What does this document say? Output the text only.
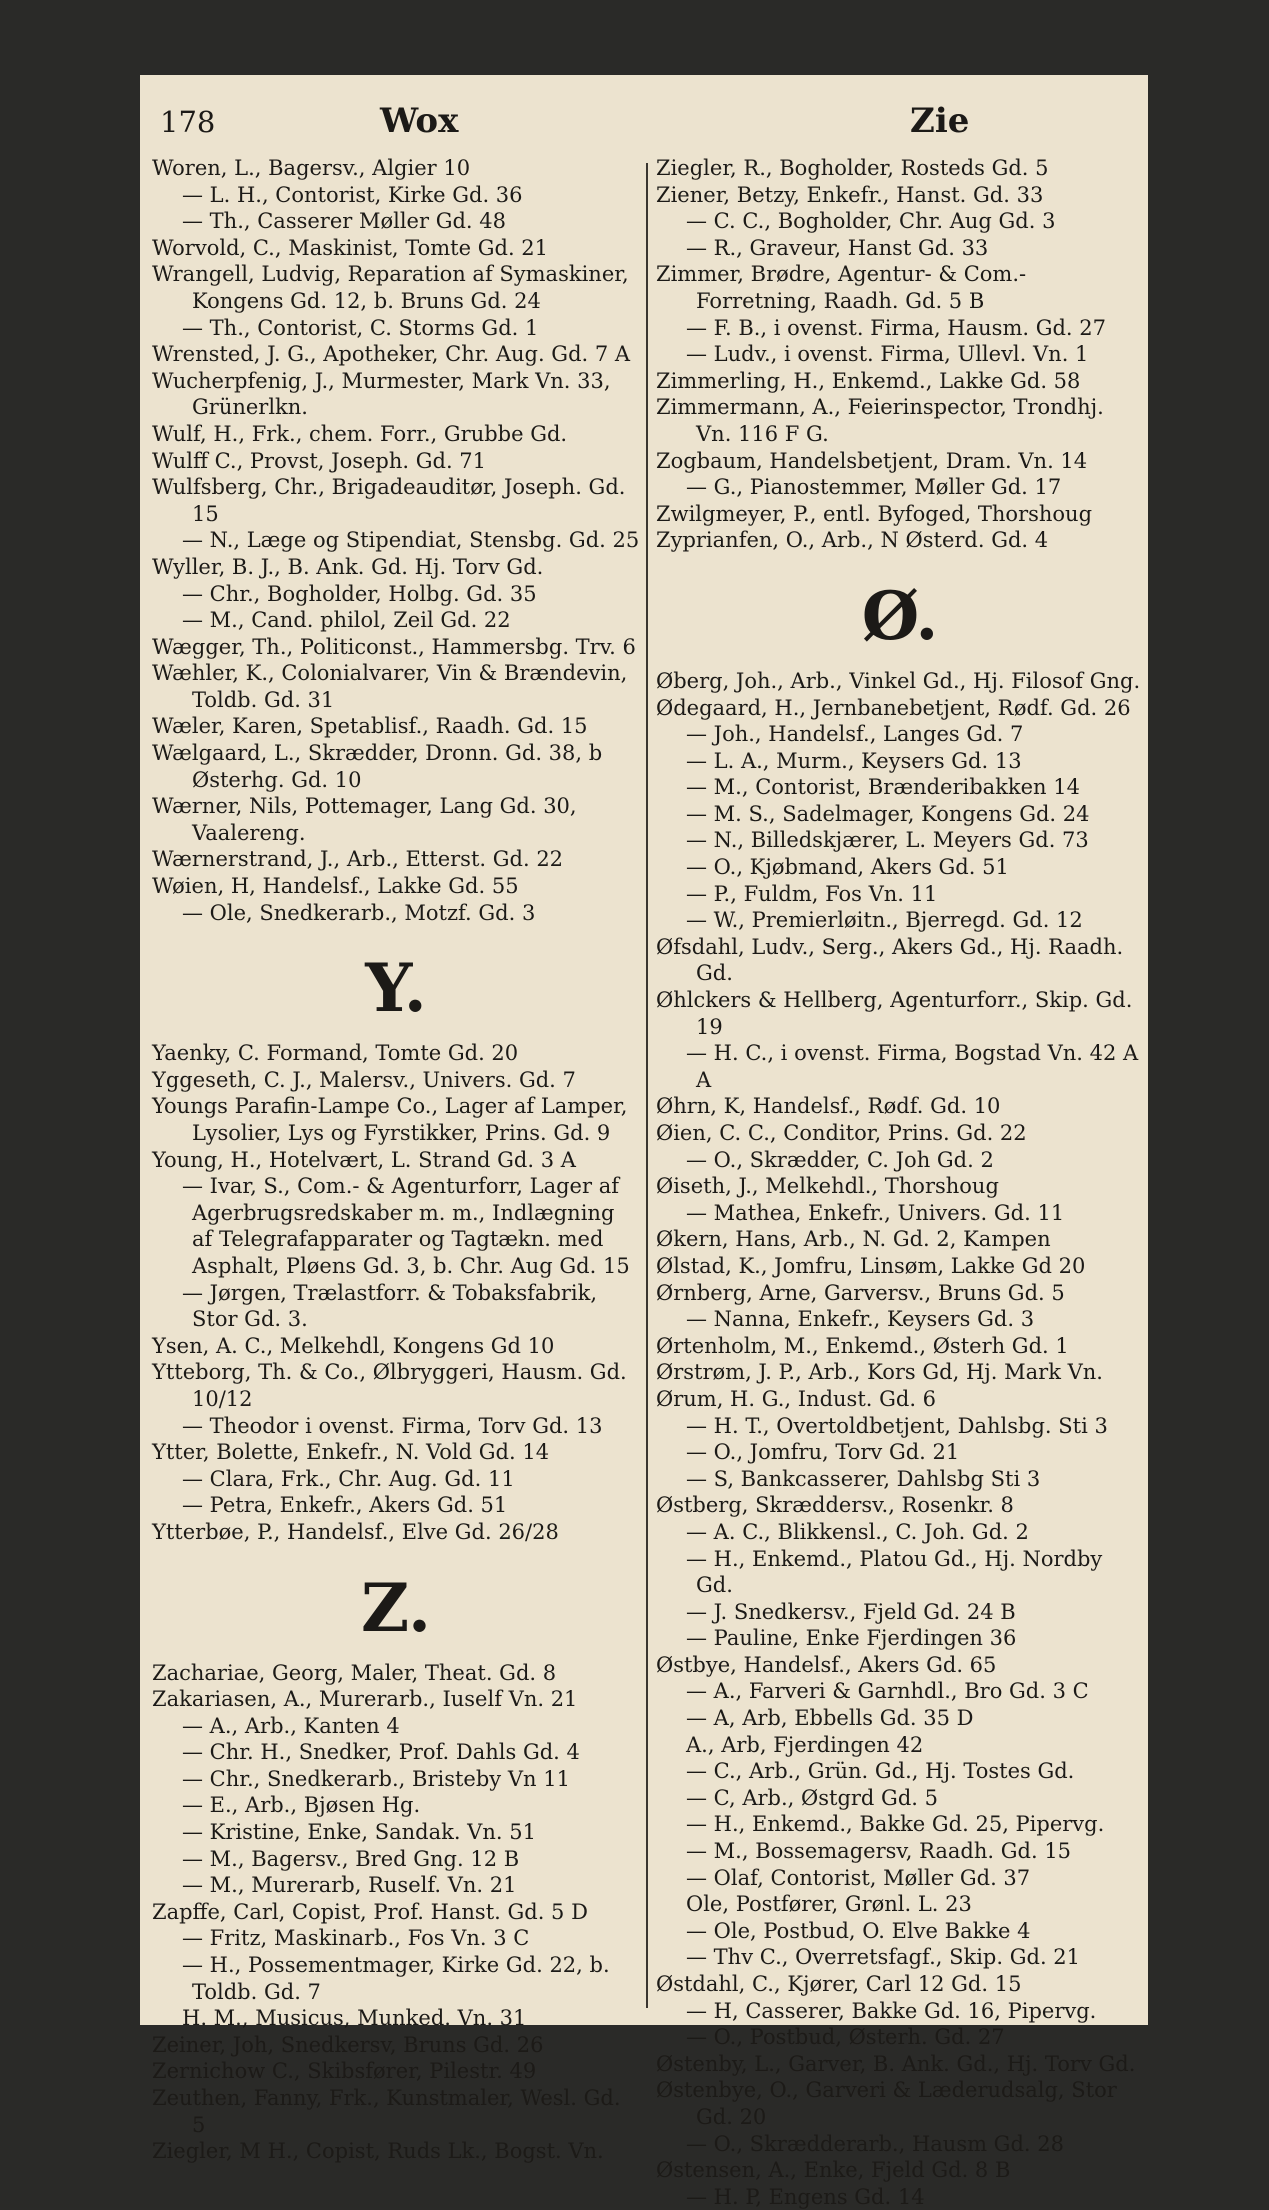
178	Wox	Zie
Woren, L., Bagersv., Algier 10
— L. H., Contorist, Kirke Gd. 36
— Th., Casserer Møller Gd. 48
Worvold, C., Maskinist, Tomte Gd. 21
Wrangell, Ludvig, Reparation af Symaskiner, Kongens Gd. 12, b. Bruns Gd. 24
— Th., Contorist, C. Storms Gd. 1
Wrensted, J. G., Apotheker, Chr. Aug. Gd. 7 A
Wucherpfenig, J., Murmester, Mark Vn. 33, Grünerlkn.
Wulf, H., Frk., chem. Forr., Grubbe Gd.
Wulff C., Provst, Joseph. Gd. 71
Wulfsberg, Chr., Brigadeauditør, Joseph. Gd. 15
— N., Læge og Stipendiat, Stensbg. Gd. 25
Wyller, B. J., B. Ank. Gd. Hj. Torv Gd.
— Chr., Bogholder, Holbg. Gd. 35
— M., Cand. philol, Zeil Gd. 22
Wægger, Th., Politiconst., Hammersbg. Trv. 6
Wæhler, K., Colonialvarer, Vin & Brændevin, Toldb. Gd. 31
Wæler, Karen, Spetablisf., Raadh. Gd. 15
Wælgaard, L., Skrædder, Dronn. Gd. 38, b Østerhg. Gd. 10
Wærner, Nils, Pottemager, Lang Gd. 30, Vaalereng.
Wærnerstrand, J., Arb., Etterst. Gd. 22
Wøien, H, Handelsf., Lakke Gd. 55
— Ole, Snedkerarb., Motzf. Gd. 3
Y.
Yaenky, C. Formand, Tomte Gd. 20
Yggeseth, C. J., Malersv., Univers. Gd. 7
Youngs Parafin-Lampe Co., Lager af Lamper, Lysolier, Lys og Fyrstikker, Prins. Gd. 9
Young, H., Hotelvært, L. Strand Gd. 3 A
— Ivar, S., Com.- & Agenturforr, Lager af Agerbrugsredskaber m. m., Indlægning af Telegrafapparater og Tagtækn. med Asphalt, Pløens Gd. 3, b. Chr. Aug Gd. 15
— Jørgen, Trælastforr. & Tobaksfabrik, Stor Gd. 3.
Ysen, A. C., Melkehdl, Kongens Gd 10
Ytteborg, Th. & Co., Ølbryggeri, Hausm. Gd. 10/12
— Theodor i ovenst. Firma, Torv Gd. 13
Ytter, Bolette, Enkefr., N. Vold Gd. 14
— Clara, Frk., Chr. Aug. Gd. 11
— Petra, Enkefr., Akers Gd. 51
Ytterbøe, P., Handelsf., Elve Gd. 26/28
Z.
Zachariae, Georg, Maler, Theat. Gd. 8
Zakariasen, A., Murerarb., Iuself Vn. 21
— A., Arb., Kanten 4
— Chr. H., Snedker, Prof. Dahls Gd. 4
— Chr., Snedkerarb., Bristeby Vn 11
— E., Arb., Bjøsen Hg.
— Kristine, Enke, Sandak. Vn. 51
— M., Bagersv., Bred Gng. 12 B
— M., Murerarb, Ruself. Vn. 21
Zapffe, Carl, Copist, Prof. Hanst. Gd. 5 D
— Fritz, Maskinarb., Fos Vn. 3 C
— H., Possementmager, Kirke Gd. 22, b. Toldb. Gd. 7
H. M., Musicus, Munked. Vn. 31
Zeiner, Joh, Snedkersv, Bruns Gd. 26
Zernichow C., Skibsfører, Pilestr. 49
Zeuthen, Fanny, Frk., Kunstmaler, Wesl. Gd. 5
Ziegler, M H., Copist, Ruds Lk., Bogst. Vn.
Ziegler, R., Bogholder, Rosteds Gd. 5
Ziener, Betzy, Enkefr., Hanst. Gd. 33
— C. C., Bogholder, Chr. Aug Gd. 3
— R., Graveur, Hanst Gd. 33
Zimmer, Brødre, Agentur- & Com.-Forretning, Raadh. Gd. 5 B
— F. B., i ovenst. Firma, Hausm. Gd. 27
— Ludv., i ovenst. Firma, Ullevl. Vn. 1
Zimmerling, H., Enkemd., Lakke Gd. 58
Zimmermann, A., Feierinspector, Trondhj. Vn. 116 F G.
Zogbaum, Handelsbetjent, Dram. Vn. 14
— G., Pianostemmer, Møller Gd. 17
Zwilgmeyer, P., entl. Byfoged, Thorshoug
Zyprianfen, O., Arb., N Østerd. Gd. 4
Ø.
Øberg, Joh., Arb., Vinkel Gd., Hj. Filosof Gng.
Ødegaard, H., Jernbanebetjent, Rødf. Gd. 26
— Joh., Handelsf., Langes Gd. 7
— L. A., Murm., Keysers Gd. 13
— M., Contorist, Brænderibakken 14
— M. S., Sadelmager, Kongens Gd. 24
— N., Billedskjærer, L. Meyers Gd. 73
— O., Kjøbmand, Akers Gd. 51
— P., Fuldm, Fos Vn. 11
— W., Premierløitn., Bjerregd. Gd. 12
Øfsdahl, Ludv., Serg., Akers Gd., Hj. Raadh. Gd.
Øhlckers & Hellberg, Agenturforr., Skip. Gd. 19
— H. C., i ovenst. Firma, Bogstad Vn. 42 A A
Øhrn, K, Handelsf., Rødf. Gd. 10
Øien, C. C., Conditor, Prins. Gd. 22
— O., Skrædder, C. Joh Gd. 2
Øiseth, J., Melkehdl., Thorshoug
— Mathea, Enkefr., Univers. Gd. 11
Økern, Hans, Arb., N. Gd. 2, Kampen
Ølstad, K., Jomfru, Linsøm, Lakke Gd 20
Ørnberg, Arne, Garversv., Bruns Gd. 5
— Nanna, Enkefr., Keysers Gd. 3
Ørtenholm, M., Enkemd., Østerh Gd. 1
Ørstrøm, J. P., Arb., Kors Gd, Hj. Mark Vn.
Ørum, H. G., Indust. Gd. 6
— H. T., Overtoldbetjent, Dahlsbg. Sti 3
— O., Jomfru, Torv Gd. 21
— S, Bankcasserer, Dahlsbg Sti 3
Østberg, Skræddersv., Rosenkr. 8
— A. C., Blikkensl., C. Joh. Gd. 2
— H., Enkemd., Platou Gd., Hj. Nordby Gd.
— J. Snedkersv., Fjeld Gd. 24 B
— Pauline, Enke Fjerdingen 36
Østbye, Handelsf., Akers Gd. 65
— A., Farveri & Garnhdl., Bro Gd. 3 C
— A, Arb, Ebbells Gd. 35 D
A., Arb, Fjerdingen 42
— C., Arb., Grün. Gd., Hj. Tostes Gd.
— C, Arb., Østgrd Gd. 5
— H., Enkemd., Bakke Gd. 25, Pipervg.
— M., Bossemagersv, Raadh. Gd. 15
— Olaf, Contorist, Møller Gd. 37
Ole, Postfører, Grønl. L. 23
— Ole, Postbud, O. Elve Bakke 4
— Thv C., Overretsfagf., Skip. Gd. 21
Østdahl, C., Kjører, Carl 12 Gd. 15
— H, Casserer, Bakke Gd. 16, Pipervg.
— O., Postbud, Østerh. Gd. 27
Østenby, L., Garver, B. Ank. Gd., Hj. Torv Gd.
Østenbye, O., Garveri & Læderudsalg, Stor Gd. 20
— O., Skrædderarb., Hausm Gd. 28
Østensen, A., Enke, Fjeld Gd. 8 B
— H. P, Engens Gd. 14
